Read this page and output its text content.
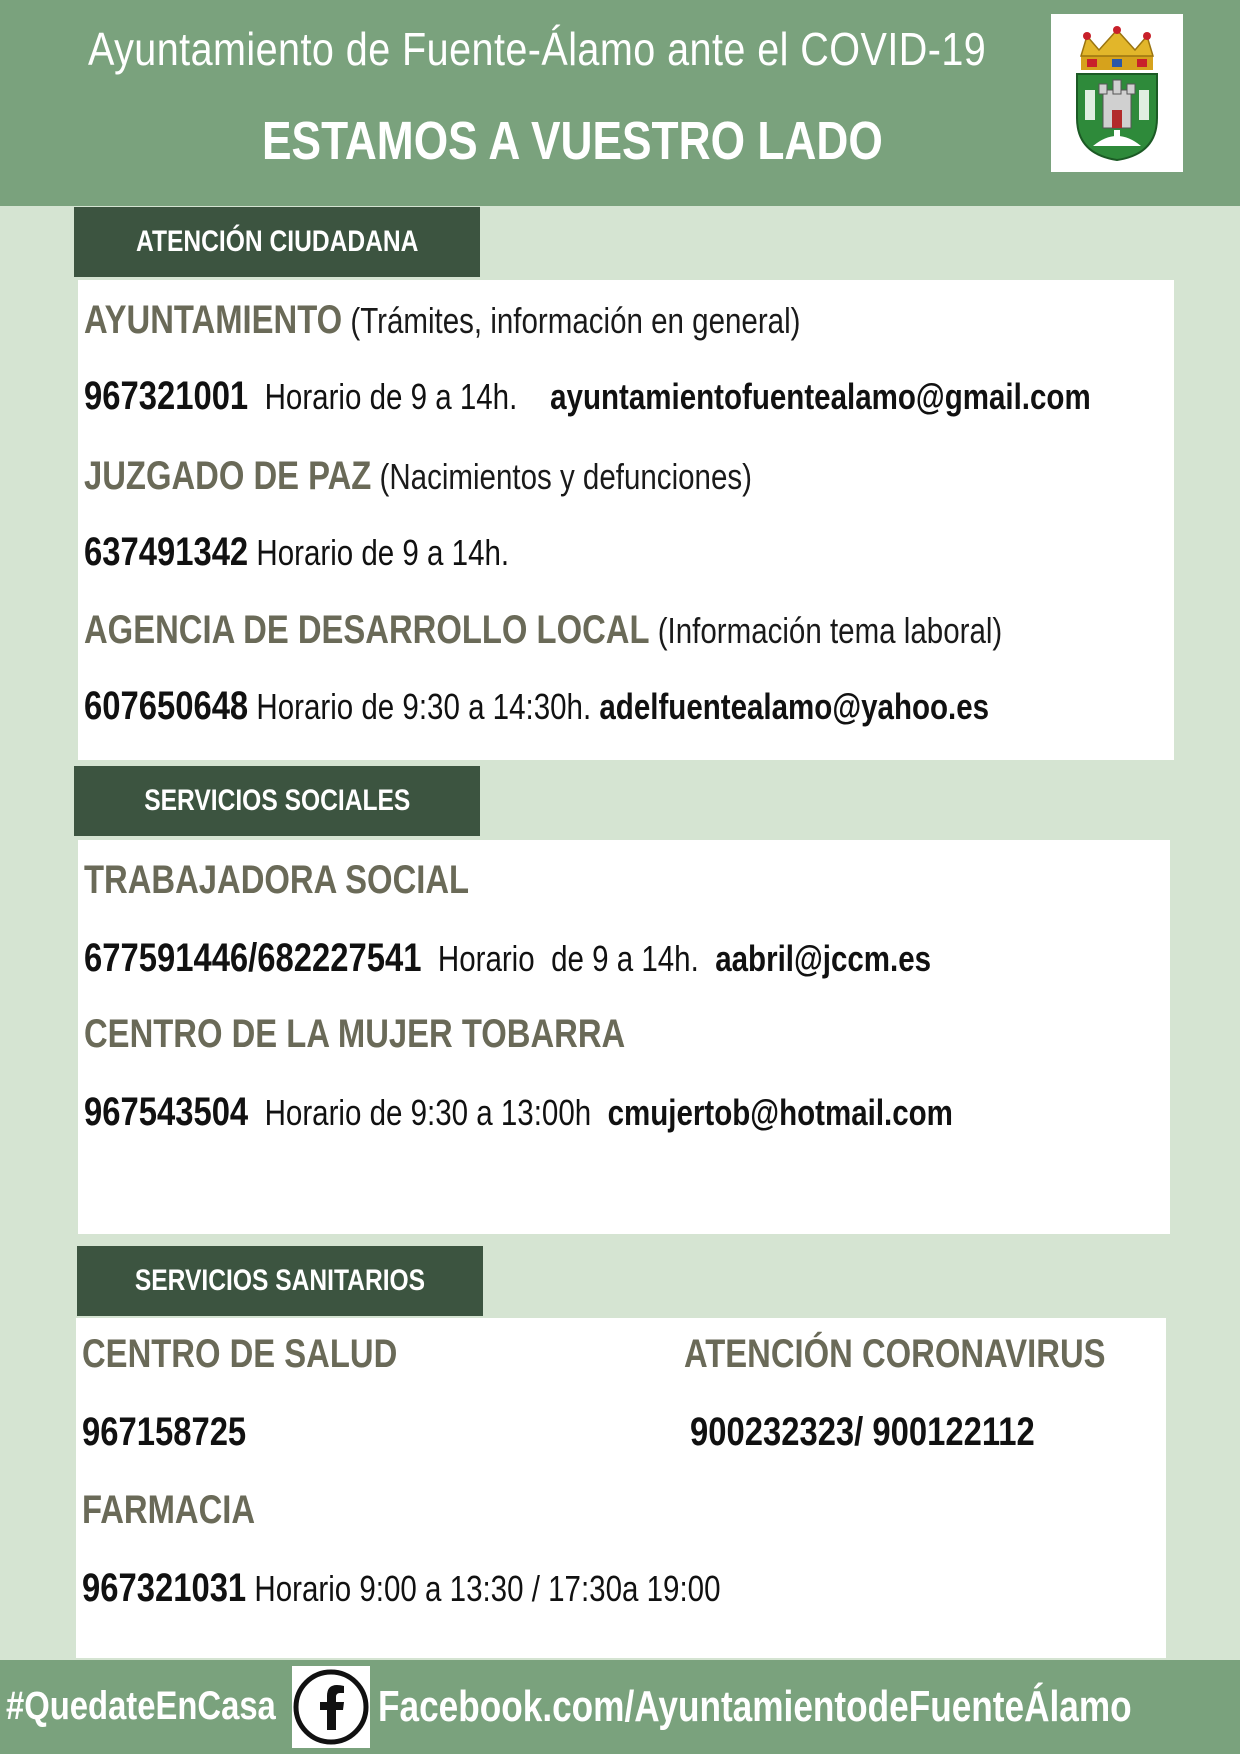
Ayuntamiento de Fuente-Álamo ante el COVID-19
ESTAMOS A VUESTRO LADO
ATENCIÓN CIUDADANA
AYUNTAMIENTO (Trámites, información en general)
967321001  Horario de 9 a 14h.    ayuntamientofuentealamo@gmail.com
JUZGADO DE PAZ (Nacimientos y defunciones)
637491342 Horario de 9 a 14h.
AGENCIA DE DESARROLLO LOCAL (Información tema laboral)
607650648 Horario de 9:30 a 14:30h. adelfuentealamo@yahoo.es
SERVICIOS SOCIALES
TRABAJADORA SOCIAL
677591446/682227541  Horario  de 9 a 14h.  aabril@jccm.es
CENTRO DE LA MUJER TOBARRA
967543504  Horario de 9:30 a 13:00h  cmujertob@hotmail.com
SERVICIOS SANITARIOS
CENTRO DE SALUD	ATENCIÓN CORONAVIRUS
967158725	900232323/ 900122112
FARMACIA
967321031 Horario 9:00 a 13:30 / 17:30a 19:00
#QuedateEnCasa Facebook.com/AyuntamientodeFuenteÁlamo
